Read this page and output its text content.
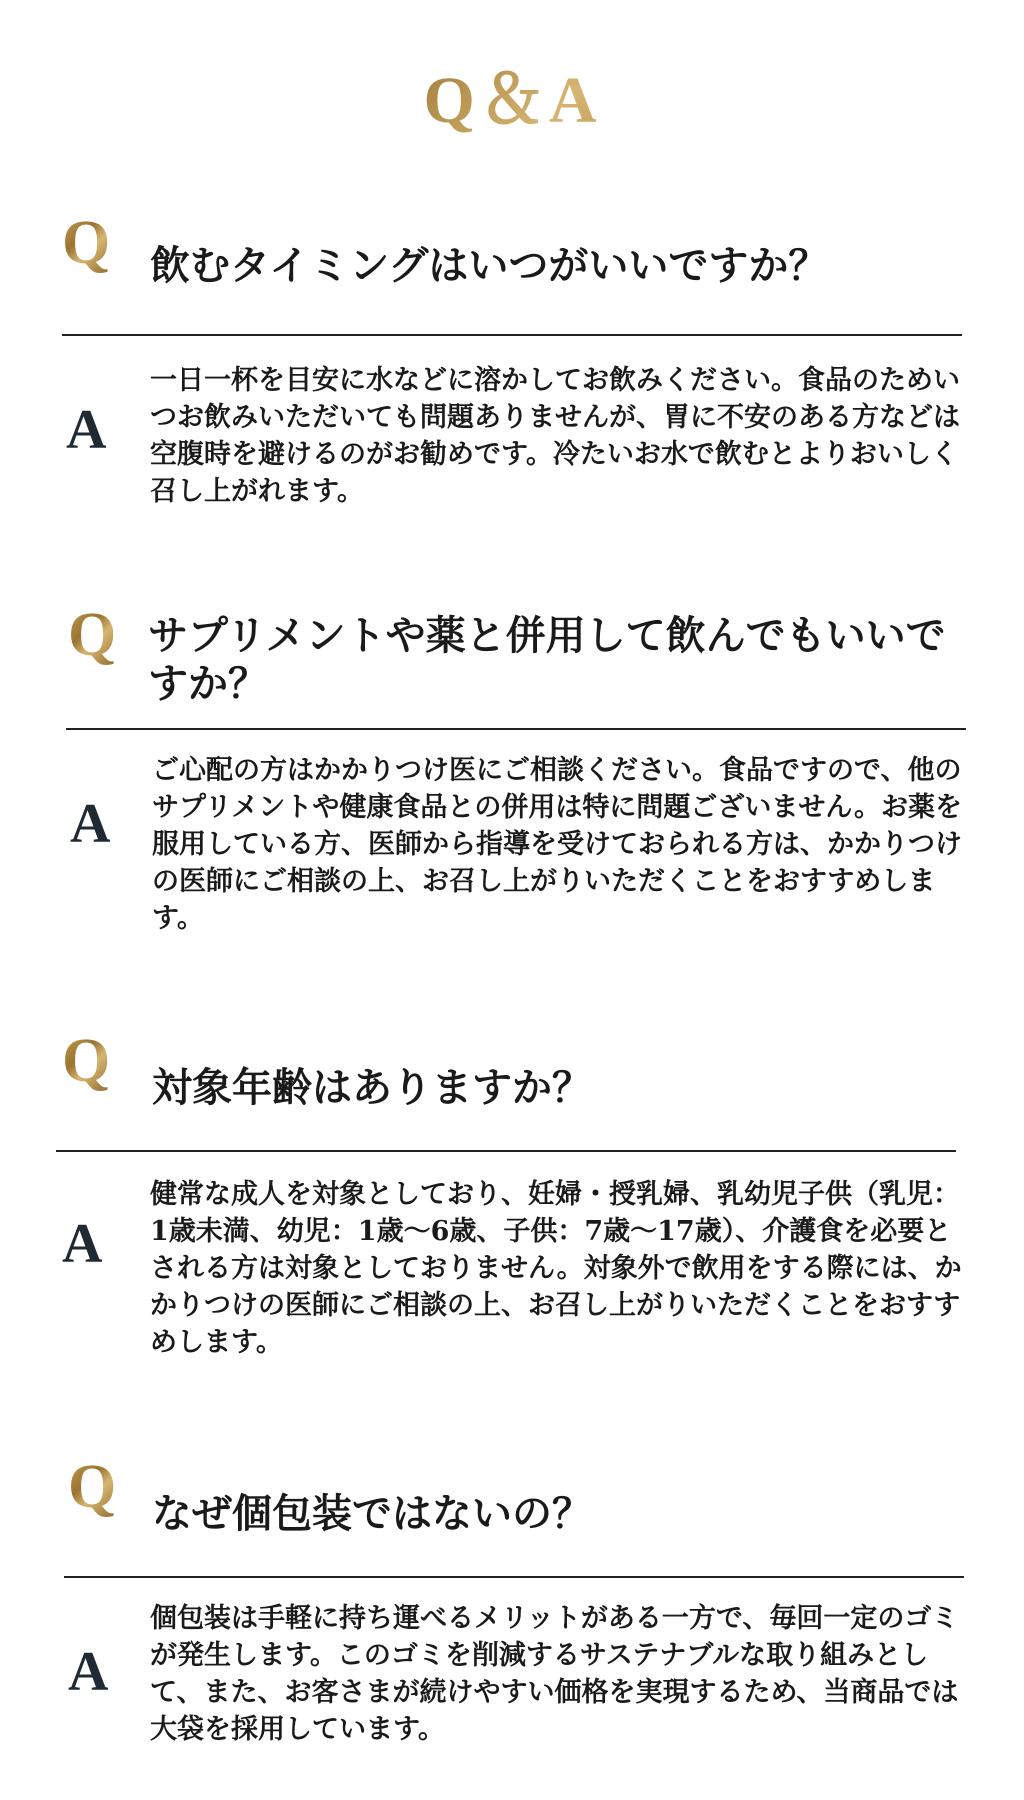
Q＆A
Q 飲むタイミングはいつがいいですか？

A

一日一杯を目安に水などに溶かしてお飲みください。食品のためいつお飲みいただいても問題ありませんが、胃に不安のある方などは空腹時を避けるのがお勧めです。冷たいお水で飲むとよりおいしく召し上がれます。

Q サプリメントや薬と併用して飲んでもいいですか？

A

ご心配の方はかかりつけ医にご相談ください。食品ですので、他のサプリメントや健康食品との併用は特に問題ございません。お薬を服用している方、医師から指導を受けておられる方は、かかりつけの医師にご相談の上、お召し上がりいただくことをおすすめします。

Q 対象年齢はありますか？

A

健常な成人を対象としており、妊婦・授乳婦、乳幼児子供（乳児：1歳未満、幼児：1歳〜6歳、子供：7歳〜17歳）、介護食を必要とされる方は対象としておりません。対象外で飲用をする際には、かかりつけの医師にご相談の上、お召し上がりいただくことをおすすめします。

Q なぜ個包装ではないの？

A

個包装は手軽に持ち運べるメリットがある一方で、毎回一定のゴミが発生します。このゴミを削減するサステナブルな取り組みとして、また、お客さまが続けやすい価格を実現するため、当商品では大袋を採用しています。
